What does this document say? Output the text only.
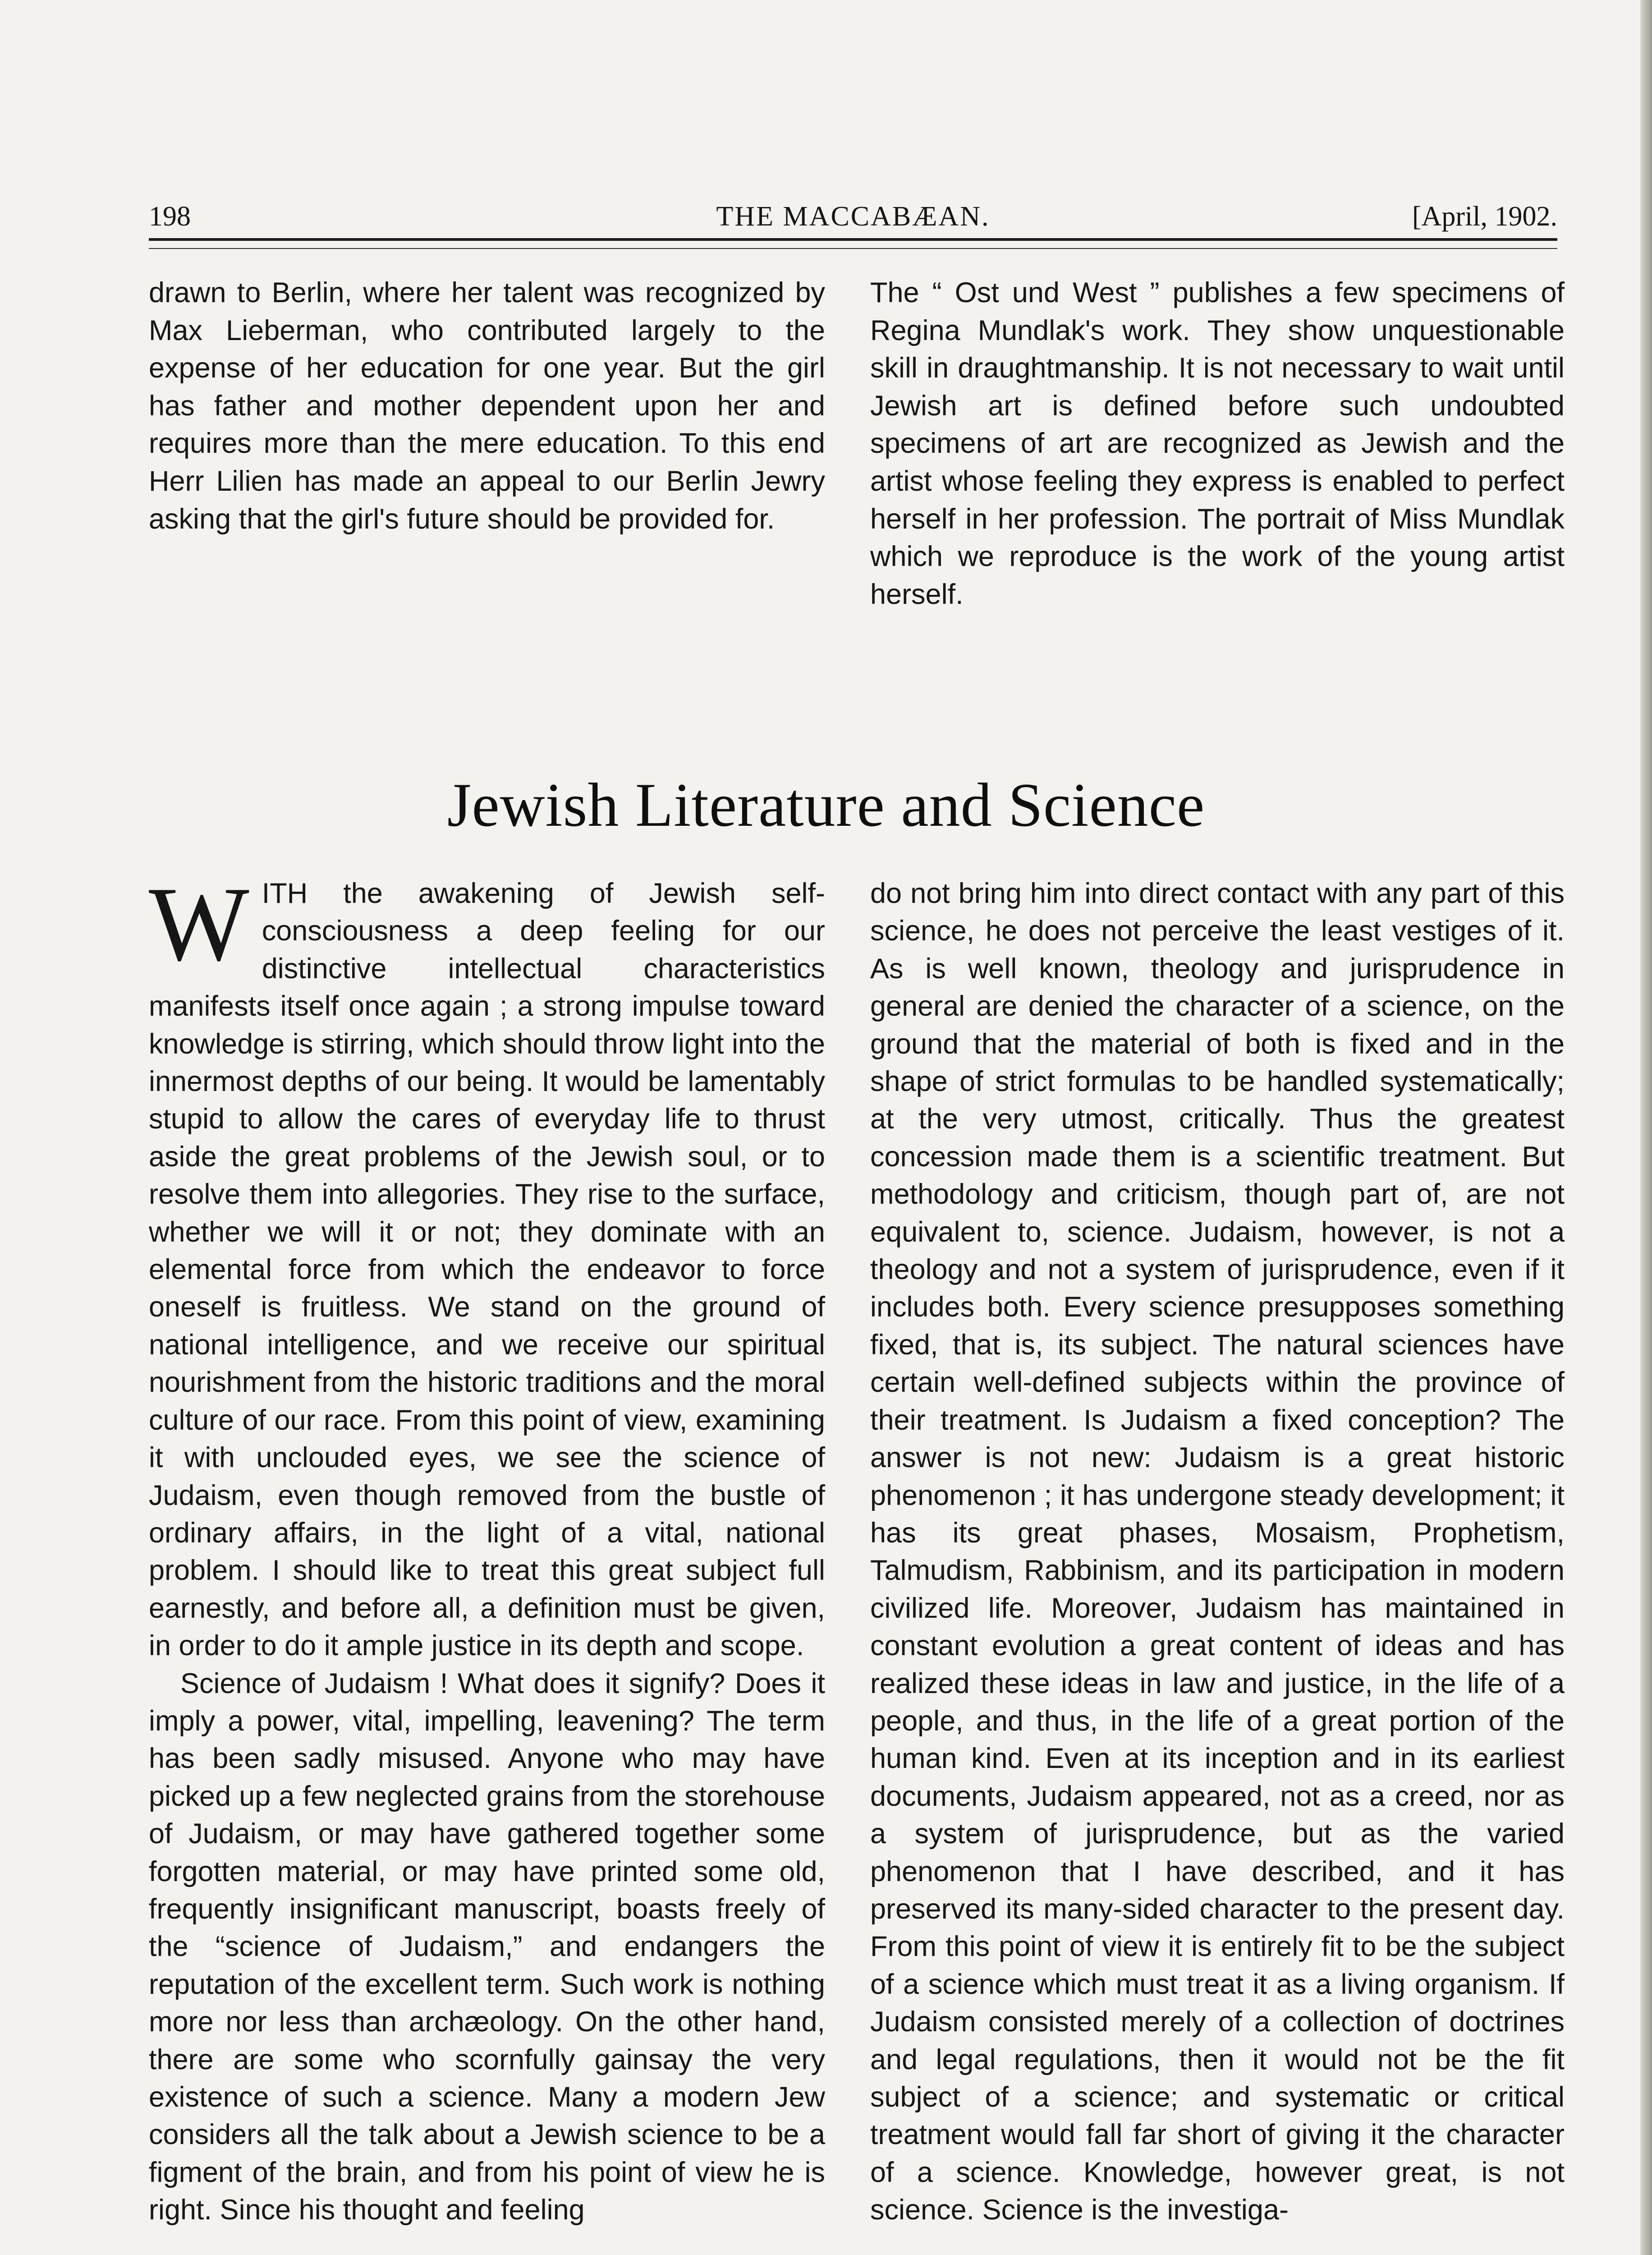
198	THE MACCABÆAN.	[April, 1902.

drawn to Berlin, where her talent was recognized by Max Lieberman, who contributed largely to the expense of her education for one year. But the girl has father and mother dependent upon her and requires more than the mere education. To this end Herr Lilien has made an appeal to our Berlin Jewry asking that the girl's future should be provided for.

The “ Ost und West ” publishes a few specimens of Regina Mundlak's work. They show unquestionable skill in draughtmanship. It is not necessary to wait until Jewish art is defined before such undoubted specimens of art are recognized as Jewish and the artist whose feeling they express is enabled to perfect herself in her profession. The portrait of Miss Mundlak which we reproduce is the work of the young artist herself.

Jewish Literature and Science

WITH the awakening of Jewish self-consciousness a deep feeling for our distinctive intellectual characteristics manifests itself once again ; a strong impulse toward knowledge is stirring, which should throw light into the innermost depths of our being. It would be lamentably stupid to allow the cares of everyday life to thrust aside the great problems of the Jewish soul, or to resolve them into allegories. They rise to the surface, whether we will it or not; they dominate with an elemental force from which the endeavor to force oneself is fruitless. We stand on the ground of national intelligence, and we receive our spiritual nourishment from the historic traditions and the moral culture of our race. From this point of view, examining it with unclouded eyes, we see the science of Judaism, even though removed from the bustle of ordinary affairs, in the light of a vital, national problem. I should like to treat this great subject full earnestly, and before all, a definition must be given, in order to do it ample justice in its depth and scope.

Science of Judaism ! What does it signify? Does it imply a power, vital, impelling, leavening? The term has been sadly misused. Anyone who may have picked up a few neglected grains from the storehouse of Judaism, or may have gathered together some forgotten material, or may have printed some old, frequently insignificant manuscript, boasts freely of the “science of Judaism,” and endangers the reputation of the excellent term. Such work is nothing more nor less than archæology. On the other hand, there are some who scornfully gainsay the very existence of such a science. Many a modern Jew considers all the talk about a Jewish science to be a figment of the brain, and from his point of view he is right. Since his thought and feeling

do not bring him into direct contact with any part of this science, he does not perceive the least vestiges of it. As is well known, theology and jurisprudence in general are denied the character of a science, on the ground that the material of both is fixed and in the shape of strict formulas to be handled systematically; at the very utmost, critically. Thus the greatest concession made them is a scientific treatment. But methodology and criticism, though part of, are not equivalent to, science. Judaism, however, is not a theology and not a system of jurisprudence, even if it includes both. Every science presupposes something fixed, that is, its subject. The natural sciences have certain well-defined subjects within the province of their treatment. Is Judaism a fixed conception? The answer is not new: Judaism is a great historic phenomenon ; it has undergone steady development; it has its great phases, Mosaism, Prophetism, Talmudism, Rabbinism, and its participation in modern civilized life. Moreover, Judaism has maintained in constant evolution a great content of ideas and has realized these ideas in law and justice, in the life of a people, and thus, in the life of a great portion of the human kind. Even at its inception and in its earliest documents, Judaism appeared, not as a creed, nor as a system of jurisprudence, but as the varied phenomenon that I have described, and it has preserved its many-sided character to the present day. From this point of view it is entirely fit to be the subject of a science which must treat it as a living organism. If Judaism consisted merely of a collection of doctrines and legal regulations, then it would not be the fit subject of a science; and systematic or critical treatment would fall far short of giving it the character of a science. Knowledge, however great, is not science. Science is the investiga-
